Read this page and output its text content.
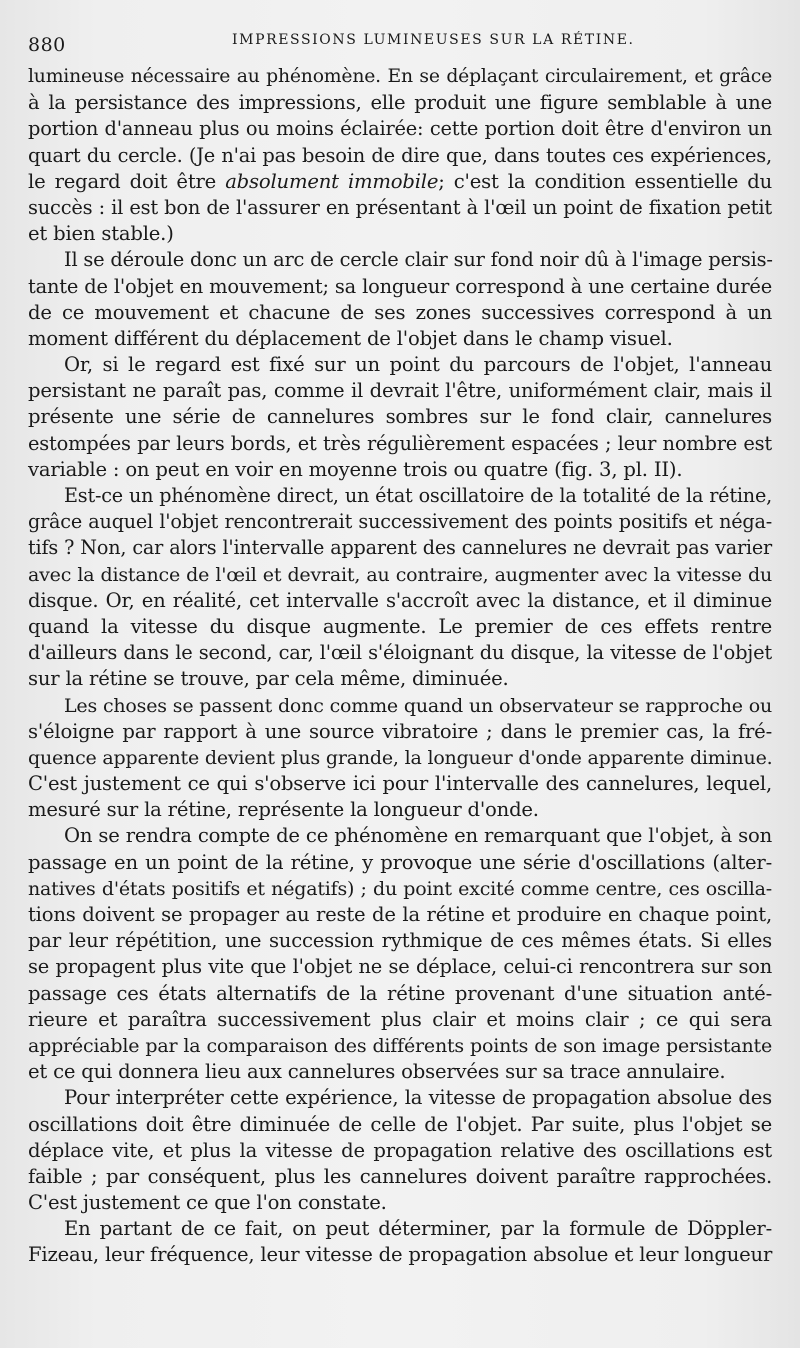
880	IMPRESSIONS LUMINEUSES SUR LA RÉTINE.
lumineuse nécessaire au phénomène. En se déplaçant circulairement, et grâce
à la persistance des impressions, elle produit une figure semblable à une
portion d'anneau plus ou moins éclairée: cette portion doit être d'environ un
quart du cercle. (Je n'ai pas besoin de dire que, dans toutes ces expériences,
le regard doit être absolument immobile; c'est la condition essentielle du
succès : il est bon de l'assurer en présentant à l'œil un point de fixation petit
et bien stable.)
Il se déroule donc un arc de cercle clair sur fond noir dû à l'image persis-
tante de l'objet en mouvement; sa longueur correspond à une certaine durée
de ce mouvement et chacune de ses zones successives correspond à un
moment différent du déplacement de l'objet dans le champ visuel.
Or, si le regard est fixé sur un point du parcours de l'objet, l'anneau
persistant ne paraît pas, comme il devrait l'être, uniformément clair, mais il
présente une série de cannelures sombres sur le fond clair, cannelures
estompées par leurs bords, et très régulièrement espacées ; leur nombre est
variable : on peut en voir en moyenne trois ou quatre (fig. 3, pl. II).
Est-ce un phénomène direct, un état oscillatoire de la totalité de la rétine,
grâce auquel l'objet rencontrerait successivement des points positifs et néga-
tifs ? Non, car alors l'intervalle apparent des cannelures ne devrait pas varier
avec la distance de l'œil et devrait, au contraire, augmenter avec la vitesse du
disque. Or, en réalité, cet intervalle s'accroît avec la distance, et il diminue
quand la vitesse du disque augmente. Le premier de ces effets rentre
d'ailleurs dans le second, car, l'œil s'éloignant du disque, la vitesse de l'objet
sur la rétine se trouve, par cela même, diminuée.
Les choses se passent donc comme quand un observateur se rapproche ou
s'éloigne par rapport à une source vibratoire ; dans le premier cas, la fré-
quence apparente devient plus grande, la longueur d'onde apparente diminue.
C'est justement ce qui s'observe ici pour l'intervalle des cannelures, lequel,
mesuré sur la rétine, représente la longueur d'onde.
On se rendra compte de ce phénomène en remarquant que l'objet, à son
passage en un point de la rétine, y provoque une série d'oscillations (alter-
natives d'états positifs et négatifs) ; du point excité comme centre, ces oscilla-
tions doivent se propager au reste de la rétine et produire en chaque point,
par leur répétition, une succession rythmique de ces mêmes états. Si elles
se propagent plus vite que l'objet ne se déplace, celui-ci rencontrera sur son
passage ces états alternatifs de la rétine provenant d'une situation anté-
rieure et paraîtra successivement plus clair et moins clair ; ce qui sera
appréciable par la comparaison des différents points de son image persistante
et ce qui donnera lieu aux cannelures observées sur sa trace annulaire.
Pour interpréter cette expérience, la vitesse de propagation absolue des
oscillations doit être diminuée de celle de l'objet. Par suite, plus l'objet se
déplace vite, et plus la vitesse de propagation relative des oscillations est
faible ; par conséquent, plus les cannelures doivent paraître rapprochées.
C'est justement ce que l'on constate.
En partant de ce fait, on peut déterminer, par la formule de Döppler-
Fizeau, leur fréquence, leur vitesse de propagation absolue et leur longueur
